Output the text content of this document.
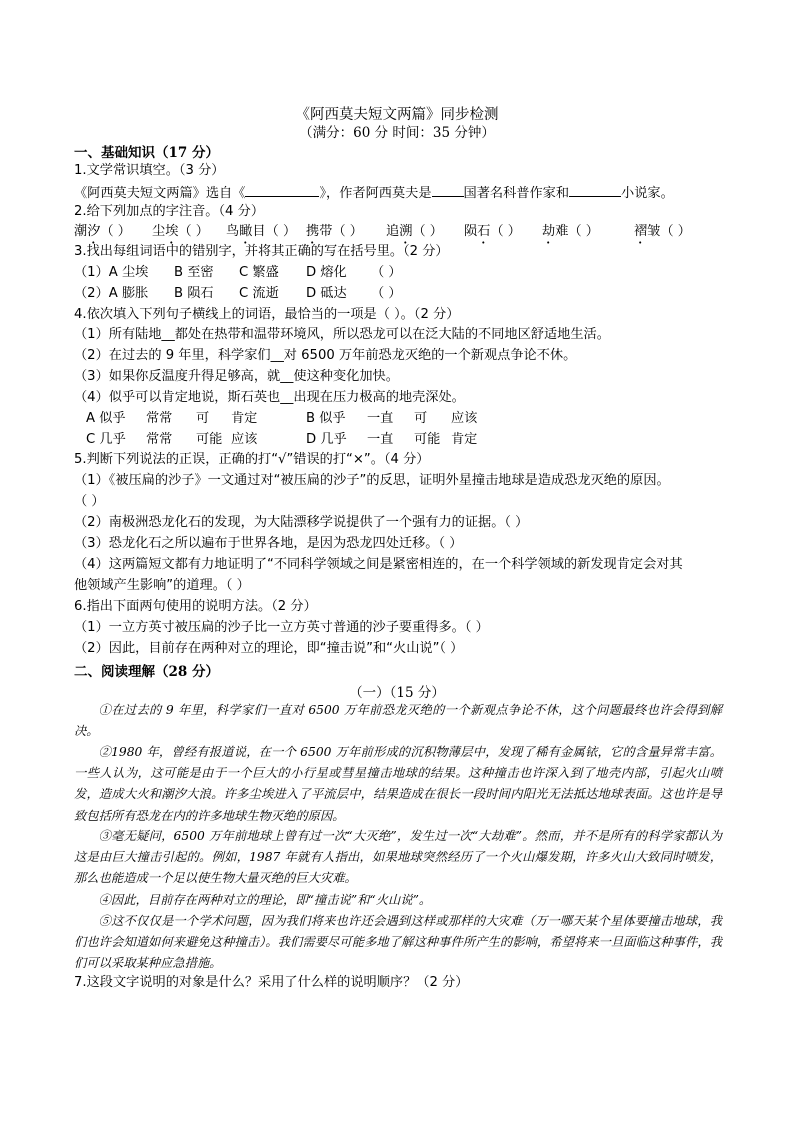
《阿西莫夫短文两篇》同步检测
（满分：60 分 时间：35 分钟）
一、基础知识（17 分）
1.文学常识填空。（3 分）
《阿西莫夫短文两篇》选自《	》，作者阿西莫夫是 国著名科普作家和	小说家。
2.给下列加点的字注音。（4 分）
潮汐（ ） 尘埃（ ） 鸟瞰目（ ） 携带（ ） 追溯（ ） 陨石（ ） 劫难（ ）	褶皱（ ）
3.找出每组词语中的错别字，并将其正确的写在括号里。（2 分）
（1）A 尘埃 B 至密 C 繁盛 D 熔化 （ ）
（2）A 膨胀 B 陨石 C 流逝 D 砥达 （ ）
4.依次填入下列句子横线上的词语，最恰当的一项是（ ）。（2 分）
（1）所有陆地__都处在热带和温带环境风，所以恐龙可以在泛大陆的不同地区舒适地生活。
（2）在过去的 9 年里，科学家们__对 6500 万年前恐龙灭绝的一个新观点争论不休。
（3）如果你反温度升得足够高，就__使这种变化加快。
（4）似乎可以肯定地说，斯石英也__出现在压力极高的地壳深处。
A 似乎 常常 可 肯定	B 似乎 一直 可 应该
C 几乎 常常 可能 应该	D 几乎 一直 可能 肯定
5.判断下列说法的正误，正确的打“√”错误的打“×”。（4 分）
（1）《被压扁的沙子》一文通过对“被压扁的沙子”的反思，证明外星撞击地球是造成恐龙灭绝的原因。
（ ）
（2）南极洲恐龙化石的发现，为大陆漂移学说提供了一个强有力的证据。（ ）
（3）恐龙化石之所以遍布于世界各地，是因为恐龙四处迁移。（ ）
（4）这两篇短文都有力地证明了“不同科学领域之间是紧密相连的，在一个科学领域的新发现肯定会对其
他领域产生影响”的道理。（ ）
6.指出下面两句使用的说明方法。（2 分）
（1）一立方英寸被压扁的沙子比一立方英寸普通的沙子要重得多。（ ）
（2）因此，目前存在两种对立的理论，即“撞击说”和“火山说”（ ）
二、阅读理解（28 分）
（一）（15 分）
①在过去的 9 年里，科学家们一直对 6500 万年前恐龙灭绝的一个新观点争论不休，这个问题最终也许会得到解决。
②1980 年，曾经有报道说，在一个 6500 万年前形成的沉积物薄层中，发现了稀有金属铱，它的含量异常丰富。一些人认为，这可能是由于一个巨大的小行星或彗星撞击地球的结果。这种撞击也许深入到了地壳内部，引起火山喷发，造成大火和潮汐大浪。许多尘埃进入了平流层中，结果造成在很长一段时间内阳光无法抵达地球表面。这也许是导致包括所有恐龙在内的许多地球生物灭绝的原因。
③毫无疑问，6500 万年前地球上曾有过一次“大灭绝”，发生过一次“大劫难”。然而，并不是所有的科学家都认为这是由巨大撞击引起的。例如，1987 年就有人指出，如果地球突然经历了一个火山爆发期，许多火山大致同时喷发，那么也能造成一个足以使生物大量灭绝的巨大灾难。
④因此，目前存在两种对立的理论，即“撞击说”和“火山说”。
⑤这不仅仅是一个学术问题，因为我们将来也许还会遇到这样或那样的大灾难（万一哪天某个星体要撞击地球，我们也许会知道如何来避免这种撞击）。我们需要尽可能多地了解这种事件所产生的影响，希望将来一旦面临这种事件，我们可以采取某种应急措施。
7.这段文字说明的对象是什么？采用了什么样的说明顺序？（2 分）
